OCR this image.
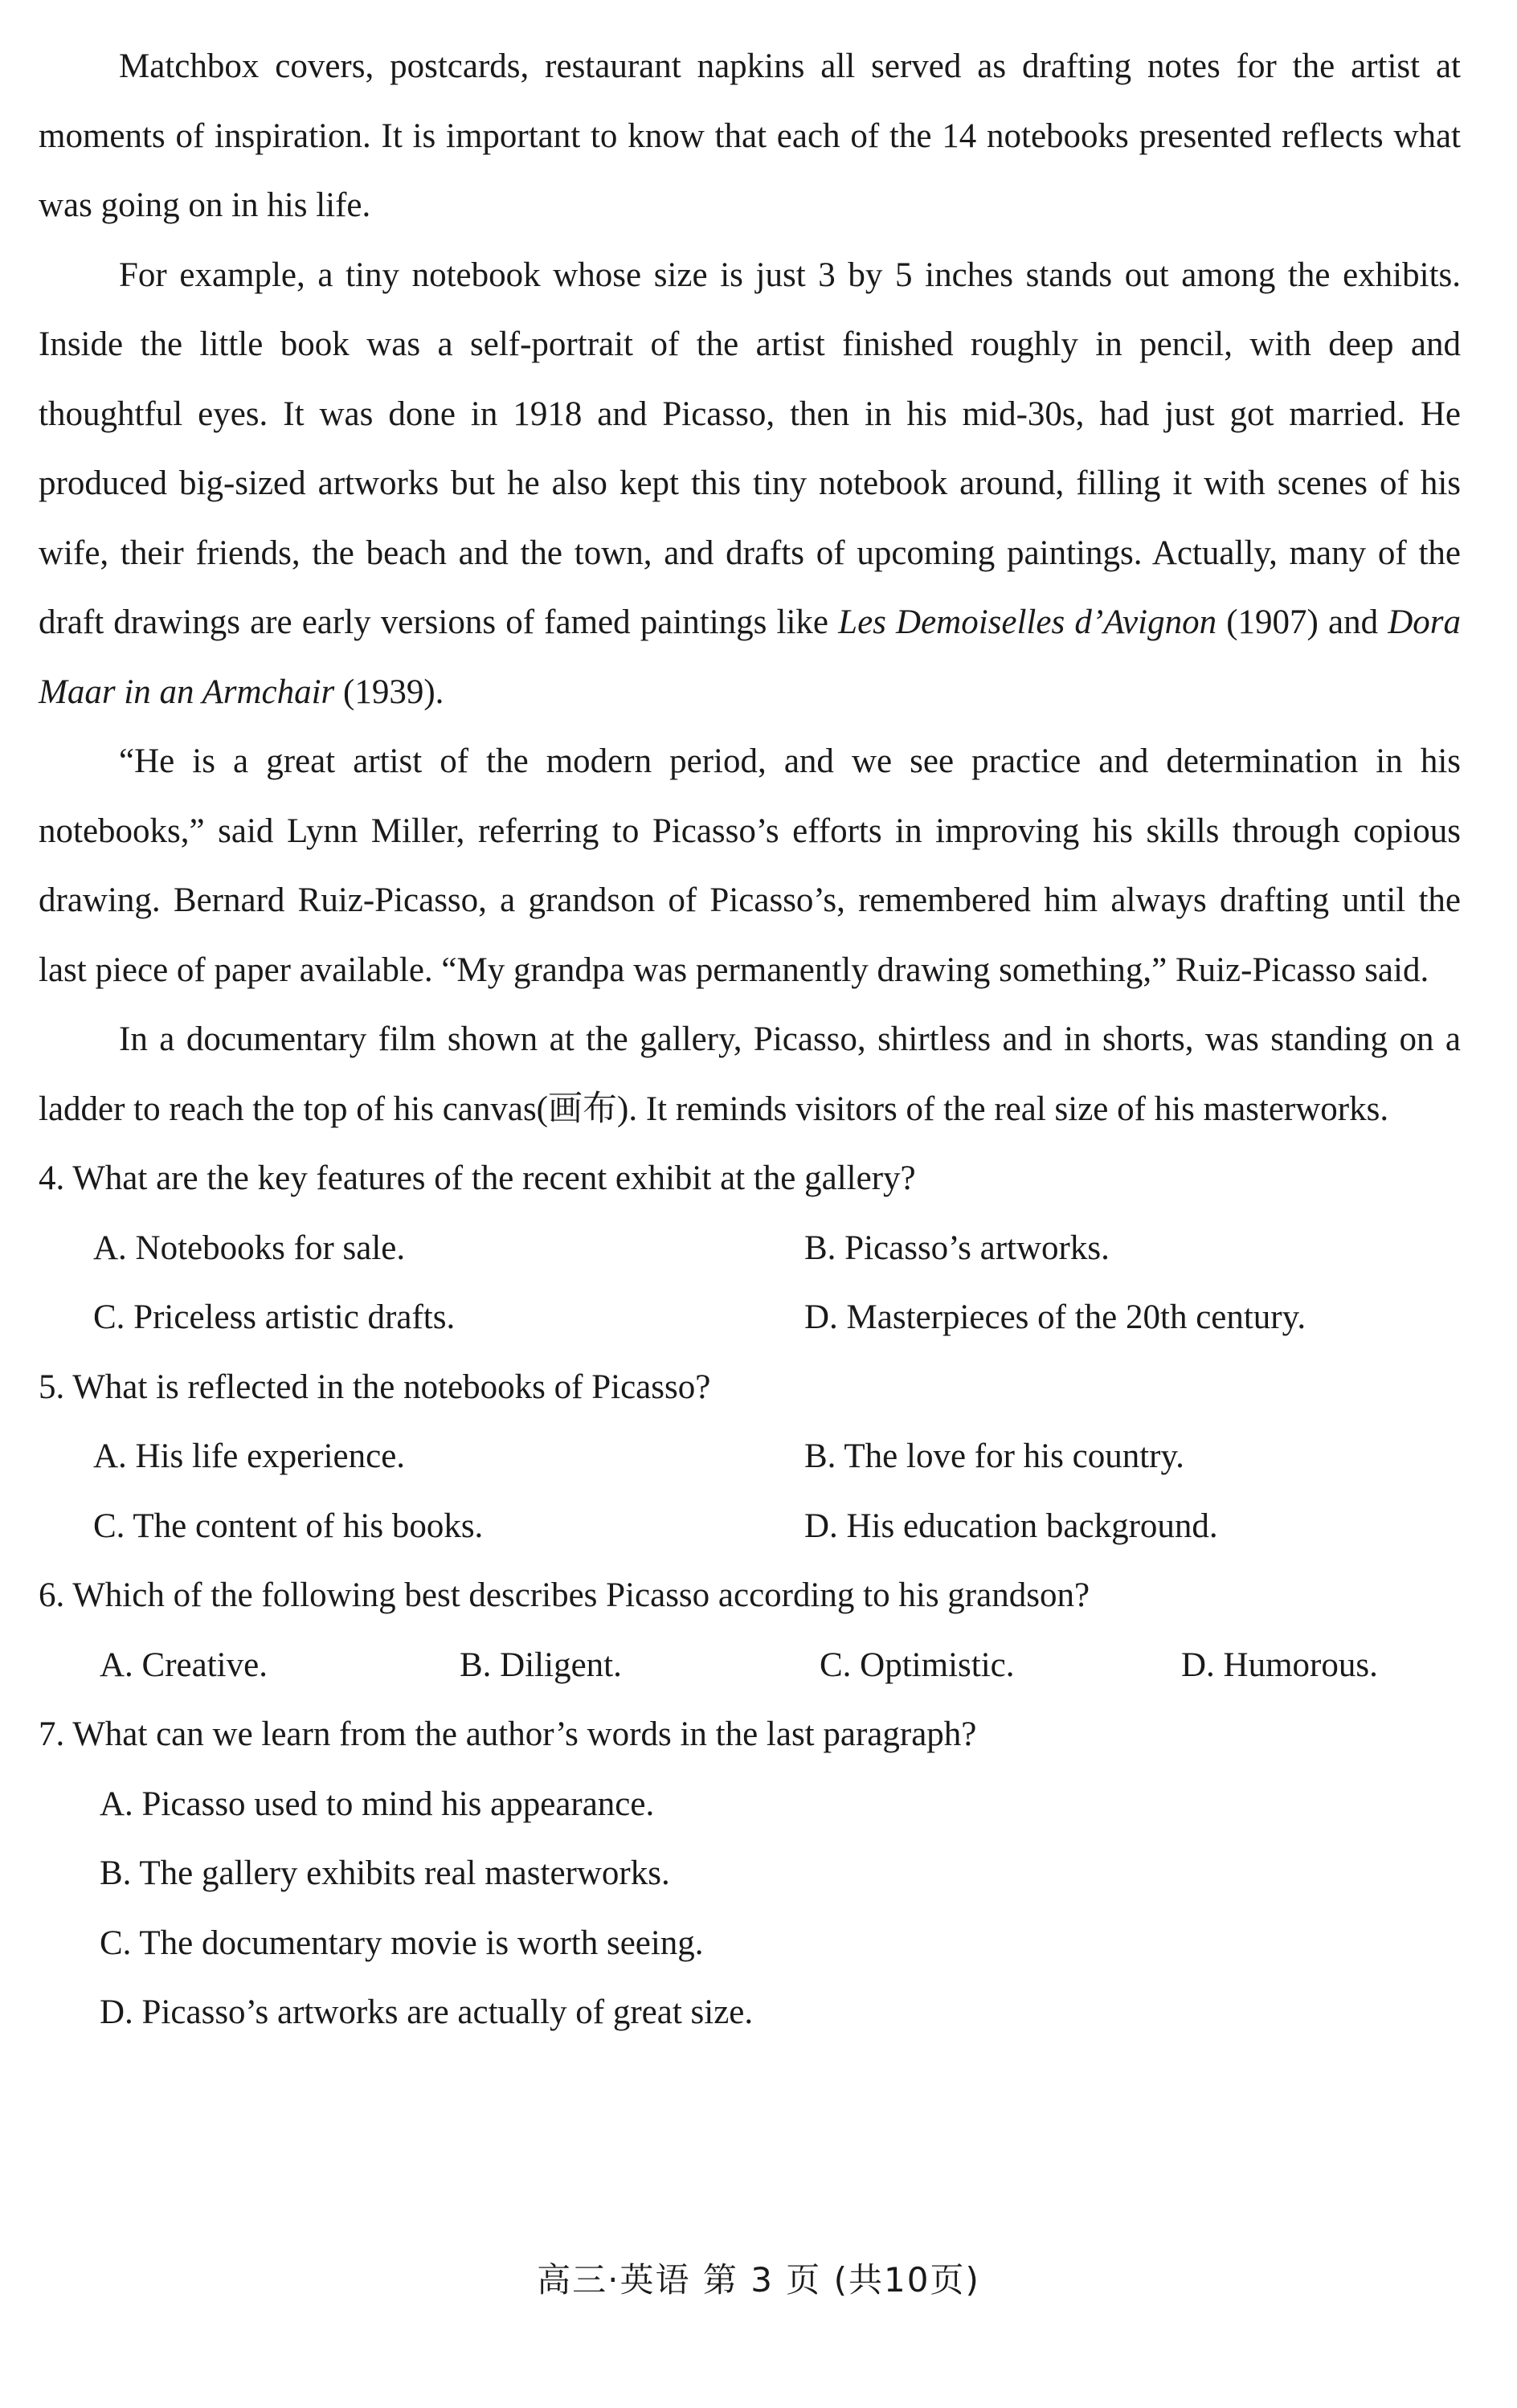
Matchbox covers, postcards, restaurant napkins all served as drafting notes for the artist at moments of inspiration. It is important to know that each of the 14 notebooks presented reflects what was going on in his life.

For example, a tiny notebook whose size is just 3 by 5 inches stands out among the exhibits. Inside the little book was a self-portrait of the artist finished roughly in pencil, with deep and thoughtful eyes. It was done in 1918 and Picasso, then in his mid-30s, had just got married. He produced big-sized artworks but he also kept this tiny notebook around, filling it with scenes of his wife, their friends, the beach and the town, and drafts of upcoming paintings. Actually, many of the draft drawings are early versions of famed paintings like Les Demoiselles d’Avignon (1907) and Dora Maar in an Armchair (1939).

“He is a great artist of the modern period, and we see practice and determination in his notebooks,” said Lynn Miller, referring to Picasso’s efforts in improving his skills through copious drawing. Bernard Ruiz-Picasso, a grandson of Picasso’s, remembered him always drafting until the last piece of paper available. “My grandpa was permanently drawing something,” Ruiz-Picasso said.

In a documentary film shown at the gallery, Picasso, shirtless and in shorts, was standing on a ladder to reach the top of his canvas(画布). It reminds visitors of the real size of his masterworks.

4. What are the key features of the recent exhibit at the gallery?

A. Notebooks for sale.	B. Picasso’s artworks.
C. Priceless artistic drafts.	D. Masterpieces of the 20th century.

5. What is reflected in the notebooks of Picasso?

A. His life experience.	B. The love for his country.
C. The content of his books.	D. His education background.

6. Which of the following best describes Picasso according to his grandson?

A. Creative.	B. Diligent.	C. Optimistic.	D. Humorous.

7. What can we learn from the author’s words in the last paragraph?

A. Picasso used to mind his appearance.
B. The gallery exhibits real masterworks.
C. The documentary movie is worth seeing.
D. Picasso’s artworks are actually of great size.
高三·英语 第 3 页 (共10页)
